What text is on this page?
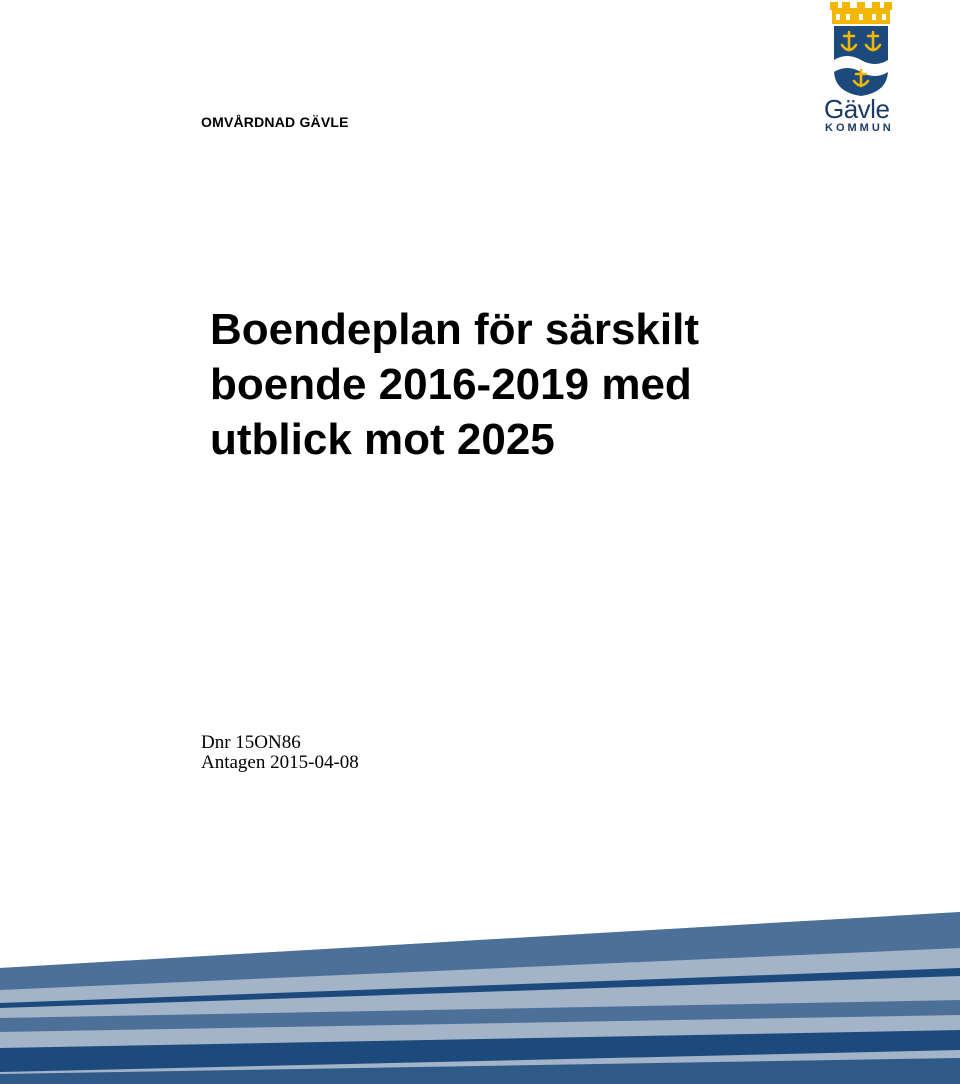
OMVÅRDNAD GÄVLE	Gävle
KOMMUN
Boendeplan för särskilt
boende 2016-2019 med
utblick mot 2025
Dnr 15ON86
Antagen 2015-04-08
